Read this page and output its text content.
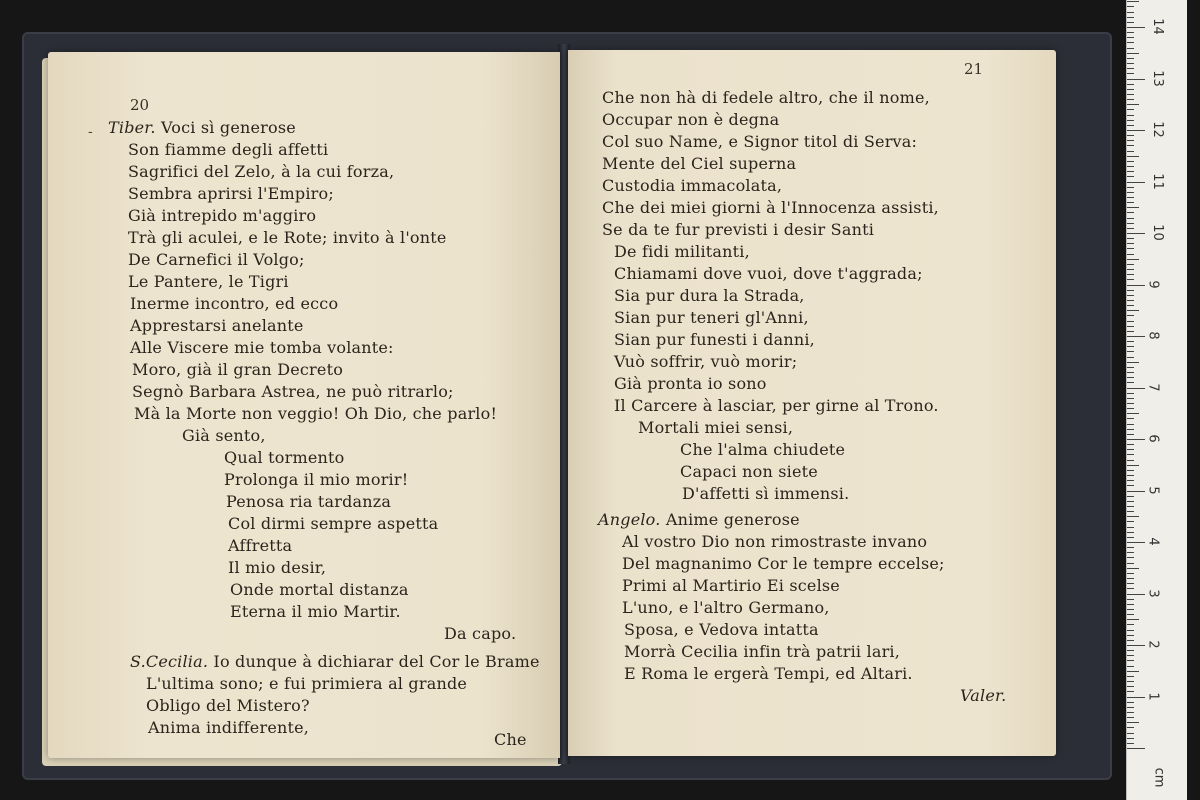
20
- Tiber. Voci sì generose
Son fiamme degli affetti
Sagrifici del Zelo, à la cui forza,
Sembra aprirsi l'Empiro;
Già intrepido m'aggiro
Trà gli aculei, e le Rote; invito à l'onte
De Carnefici il Volgo;
Le Pantere, le Tigri
Inerme incontro, ed ecco
Apprestarsi anelante
Alle Viscere mie tomba volante:
Moro, già il gran Decreto
Segnò Barbara Astrea, ne può ritrarlo;
Mà la Morte non veggio! Oh Dio, che parlo!
Già sento,
Qual tormento
Prolonga il mio morir!
Penosa ria tardanza
Col dirmi sempre aspetta
Affretta
Il mio desir,
Onde mortal distanza
Eterna il mio Martir.
Da capo.
S.Cecilia. Io dunque à dichiarar del Cor le Brame
L'ultima sono; e fui primiera al grande
Obligo del Mistero?
Anima indifferente,
Che
21
Che non hà di fedele altro, che il nome,
Occupar non è degna
Col suo Name, e Signor titol di Serva:
Mente del Ciel superna
Custodia immacolata,
Che dei miei giorni à l'Innocenza assisti,
Se da te fur previsti i desir Santi
De fidi militanti,
Chiamami dove vuoi, dove t'aggrada;
Sia pur dura la Strada,
Sian pur teneri gl'Anni,
Sian pur funesti i danni,
Vuò soffrir, vuò morir;
Già pronta io sono
Il Carcere à lasciar, per girne al Trono.
Mortali miei sensi,
Che l'alma chiudete
Capaci non siete
D'affetti sì immensi.
Angelo. Anime generose
Al vostro Dio non rimostraste invano
Del magnanimo Cor le tempre eccelse;
Primi al Martirio Ei scelse
L'uno, e l'altro Germano,
Sposa, e Vedova intatta
Morrà Cecilia infin trà patrii lari,
E Roma le ergerà Tempi, ed Altari.
Valer.
cm
1
2
3
4
5
6
7
8
9
10
11
12
13
14
